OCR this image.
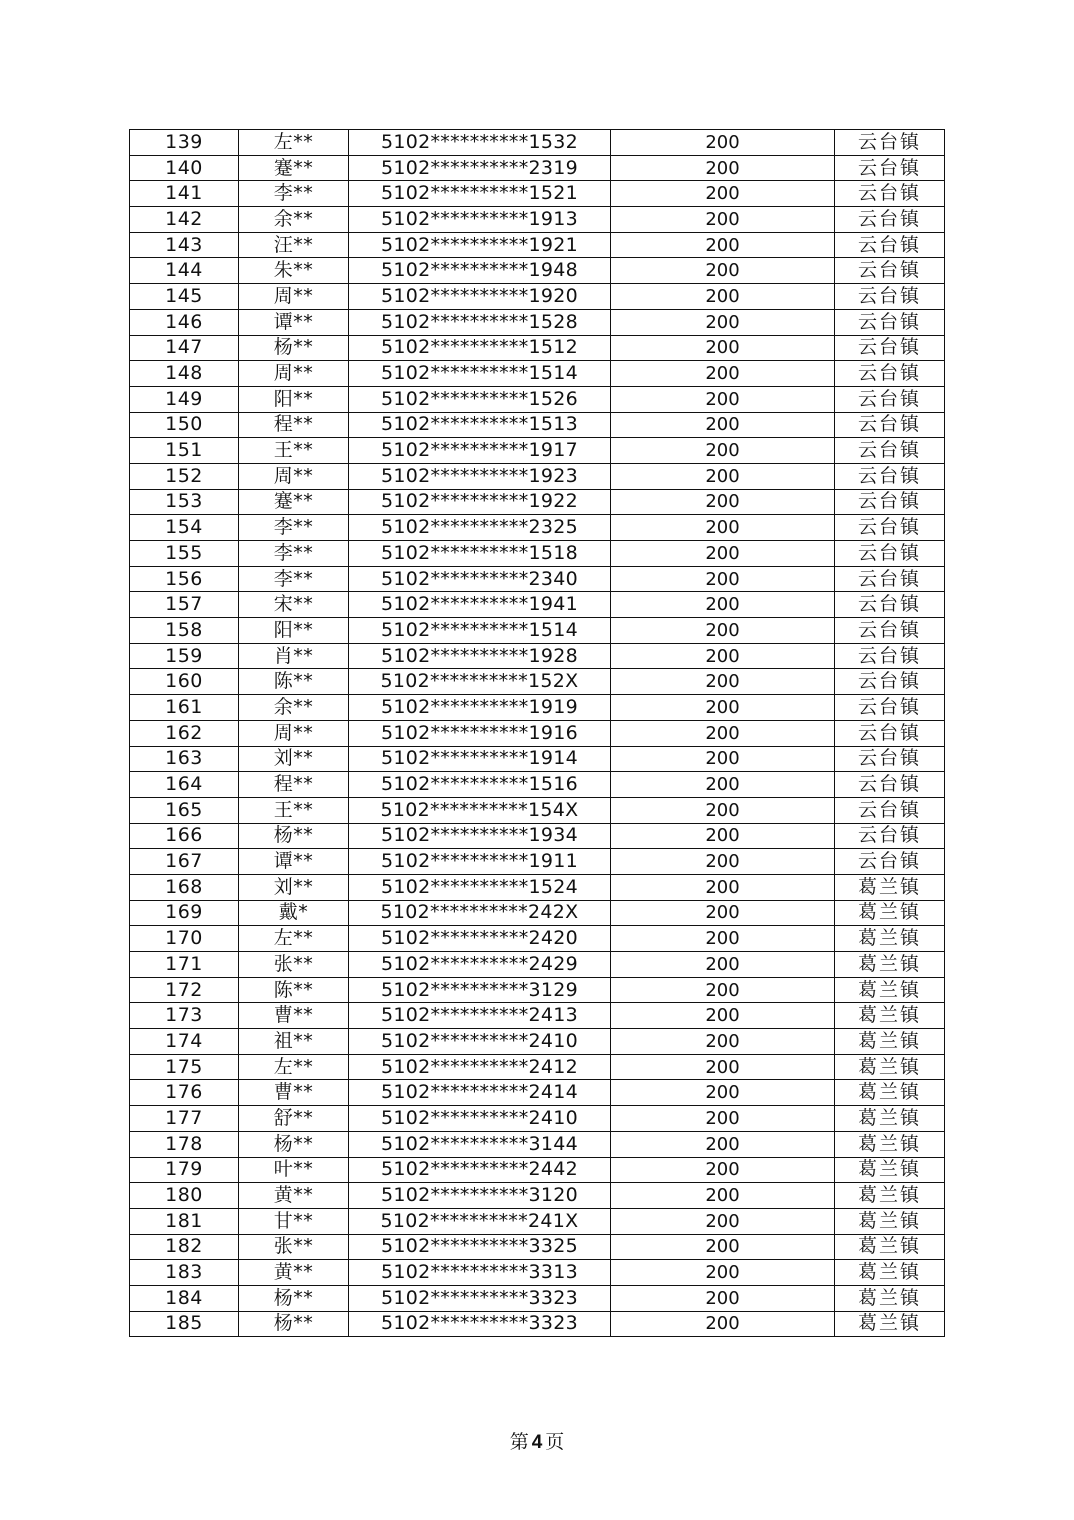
139	左**	5102**********1532	200	云台镇
140	蹇**	5102**********2319	200	云台镇
141	李**	5102**********1521	200	云台镇
142	余**	5102**********1913	200	云台镇
143	汪**	5102**********1921	200	云台镇
144	朱**	5102**********1948	200	云台镇
145	周**	5102**********1920	200	云台镇
146	谭**	5102**********1528	200	云台镇
147	杨**	5102**********1512	200	云台镇
148	周**	5102**********1514	200	云台镇
149	阳**	5102**********1526	200	云台镇
150	程**	5102**********1513	200	云台镇
151	王**	5102**********1917	200	云台镇
152	周**	5102**********1923	200	云台镇
153	蹇**	5102**********1922	200	云台镇
154	李**	5102**********2325	200	云台镇
155	李**	5102**********1518	200	云台镇
156	李**	5102**********2340	200	云台镇
157	宋**	5102**********1941	200	云台镇
158	阳**	5102**********1514	200	云台镇
159	肖**	5102**********1928	200	云台镇
160	陈**	5102**********152X	200	云台镇
161	余**	5102**********1919	200	云台镇
162	周**	5102**********1916	200	云台镇
163	刘**	5102**********1914	200	云台镇
164	程**	5102**********1516	200	云台镇
165	王**	5102**********154X	200	云台镇
166	杨**	5102**********1934	200	云台镇
167	谭**	5102**********1911	200	云台镇
168	刘**	5102**********1524	200	葛兰镇
169	戴*	5102**********242X	200	葛兰镇
170	左**	5102**********2420	200	葛兰镇
171	张**	5102**********2429	200	葛兰镇
172	陈**	5102**********3129	200	葛兰镇
173	曹**	5102**********2413	200	葛兰镇
174	祖**	5102**********2410	200	葛兰镇
175	左**	5102**********2412	200	葛兰镇
176	曹**	5102**********2414	200	葛兰镇
177	舒**	5102**********2410	200	葛兰镇
178	杨**	5102**********3144	200	葛兰镇
179	叶**	5102**********2442	200	葛兰镇
180	黄**	5102**********3120	200	葛兰镇
181	甘**	5102**********241X	200	葛兰镇
182	张**	5102**********3325	200	葛兰镇
183	黄**	5102**********3313	200	葛兰镇
184	杨**	5102**********3323	200	葛兰镇
185	杨**	5102**********3323	200	葛兰镇
第 4 页
